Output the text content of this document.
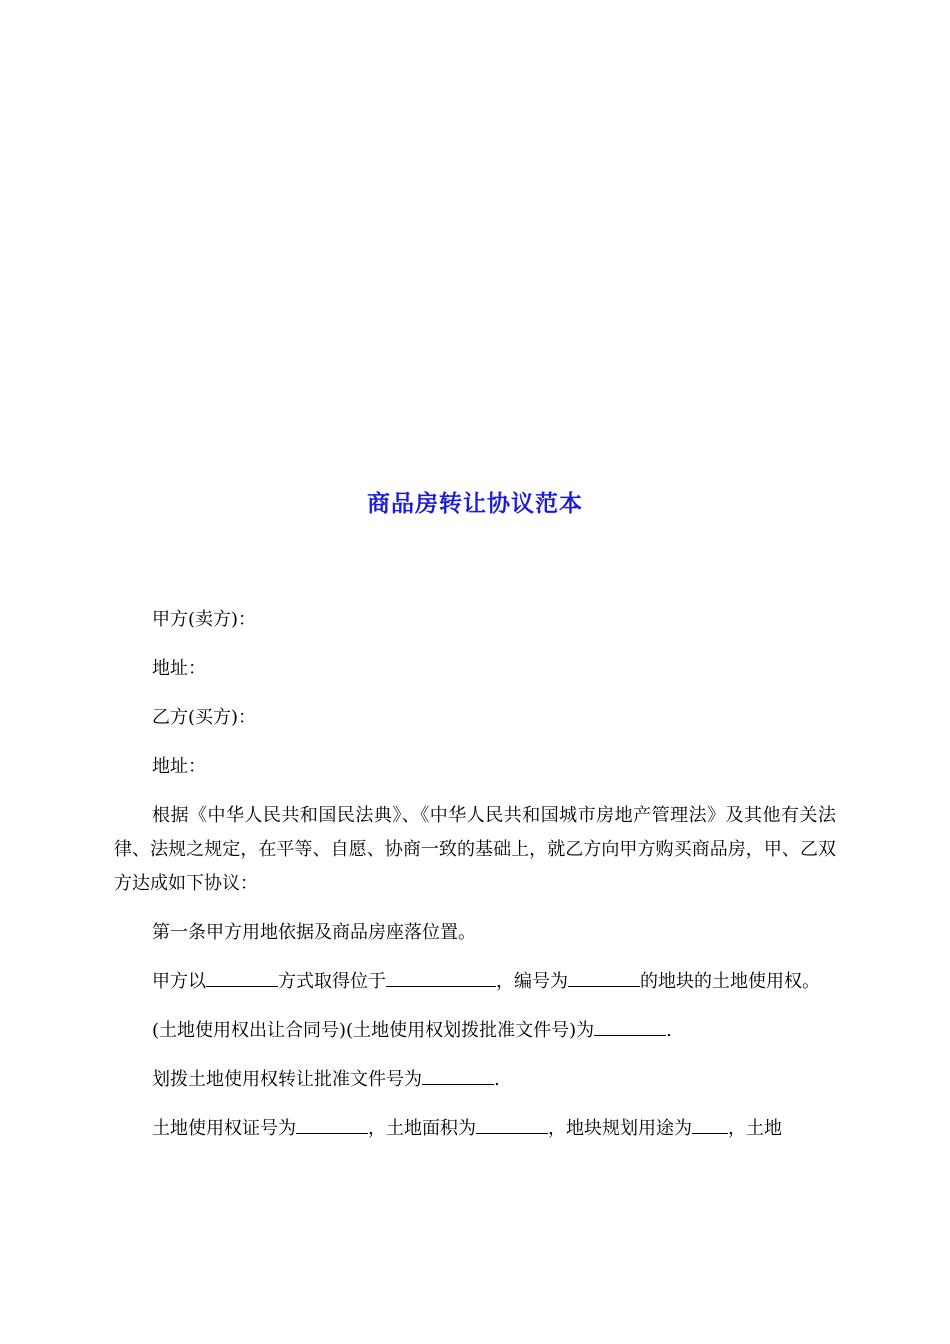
商品房转让协议范本

甲方(卖方)：

地址：

乙方(买方)：

地址：

根据《中华人民共和国民法典》、《中华人民共和国城市房地产管理法》及其他有关法律、法规之规定，在平等、自愿、协商一致的基础上，就乙方向甲方购买商品房，甲、乙双方达成如下协议：

第一条甲方用地依据及商品房座落位置。

甲方以	方式取得位于	，编号为	的地块的土地使用权。

(土地使用权出让合同号)(土地使用权划拨批准文件号)为	.

划拨土地使用权转让批准文件号为	.

土地使用权证号为	，土地面积为	，地块规划用途为 ，土地
